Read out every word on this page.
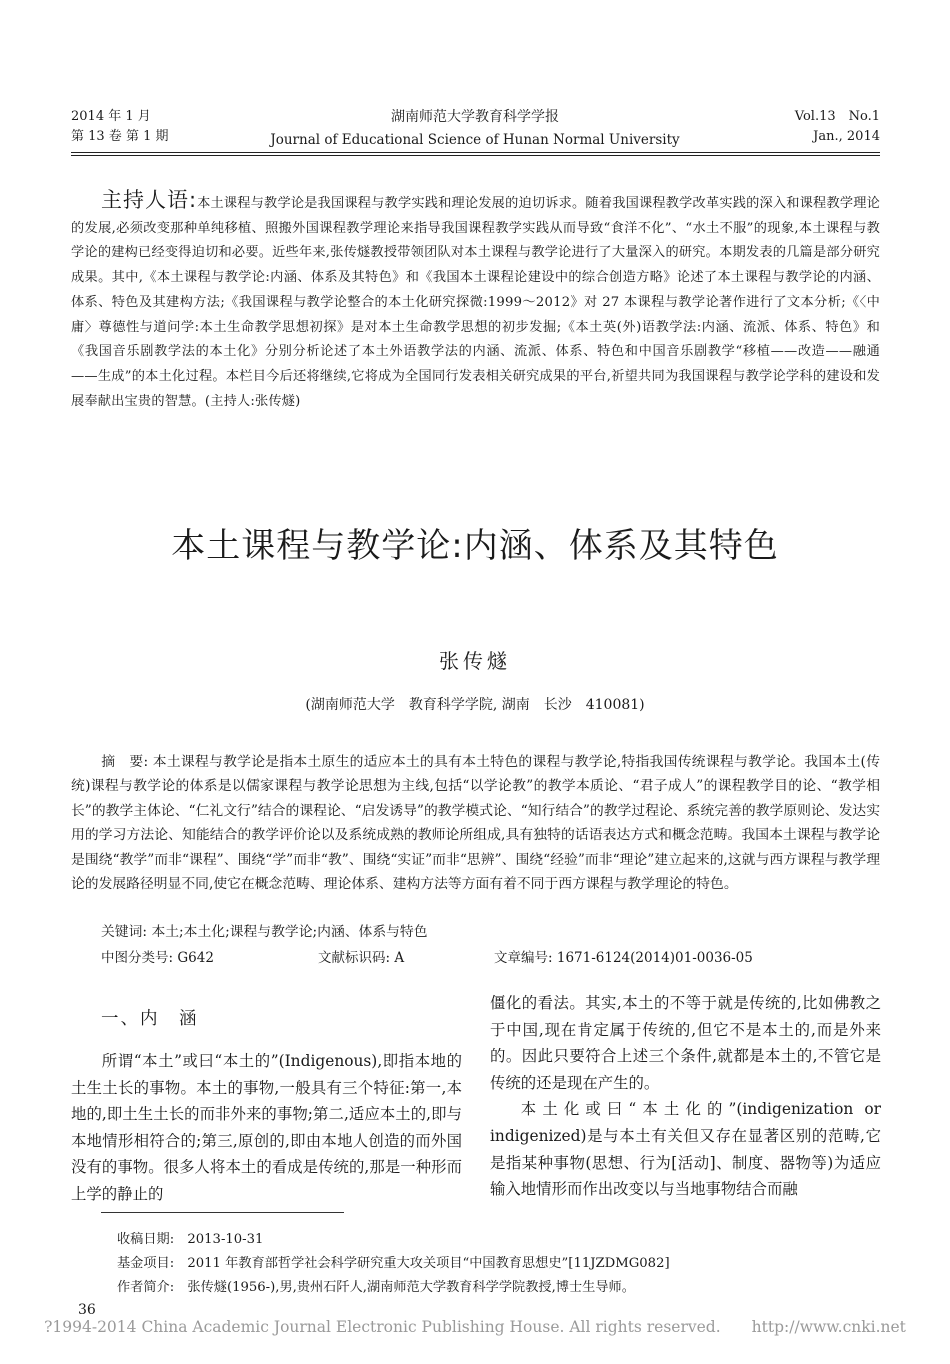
2014 年 1 月
第 13 卷 第 1 期
湖南师范大学教育科学学报
Journal of Educational Science of Hunan Normal University
Vol.13　No.1
Jan., 2014
主持人语:本土课程与教学论是我国课程与教学实践和理论发展的迫切诉求。随着我国课程教学改革实践的深入和课程教学理论的发展,必须改变那种单纯移植、照搬外国课程教学理论来指导我国课程教学实践从而导致“食洋不化”、“水土不服”的现象,本土课程与教学论的建构已经变得迫切和必要。近些年来,张传燧教授带领团队对本土课程与教学论进行了大量深入的研究。本期发表的几篇是部分研究成果。其中,《本土课程与教学论:内涵、体系及其特色》和《我国本土课程论建设中的综合创造方略》论述了本土课程与教学论的内涵、体系、特色及其建构方法;《我国课程与教学论整合的本土化研究探微:1999～2012》对 27 本课程与教学论著作进行了文本分析;《〈中庸〉尊德性与道问学:本土生命教学思想初探》是对本土生命教学思想的初步发掘;《本土英(外)语教学法:内涵、流派、体系、特色》和《我国音乐剧教学法的本土化》分别分析论述了本土外语教学法的内涵、流派、体系、特色和中国音乐剧教学“移植——改造——融通——生成”的本土化过程。本栏目今后还将继续,它将成为全国同行发表相关研究成果的平台,祈望共同为我国课程与教学论学科的建设和发展奉献出宝贵的智慧。(主持人:张传燧)
本土课程与教学论:内涵、体系及其特色
张传燧
(湖南师范大学　教育科学学院, 湖南　长沙　410081)
摘　要: 本土课程与教学论是指本土原生的适应本土的具有本土特色的课程与教学论,特指我国传统课程与教学论。我国本土(传统)课程与教学论的体系是以儒家课程与教学论思想为主线,包括“以学论教”的教学本质论、“君子成人”的课程教学目的论、“教学相长”的教学主体论、“仁礼文行”结合的课程论、“启发诱导”的教学模式论、“知行结合”的教学过程论、系统完善的教学原则论、发达实用的学习方法论、知能结合的教学评价论以及系统成熟的教师论所组成,具有独特的话语表达方式和概念范畴。我国本土课程与教学论是围绕“教学”而非“课程”、围绕“学”而非“教”、围绕“实证”而非“思辨”、围绕“经验”而非“理论”建立起来的,这就与西方课程与教学理论的发展路径明显不同,使它在概念范畴、理论体系、建构方法等方面有着不同于西方课程与教学理论的特色。
关键词: 本土;本土化;课程与教学论;内涵、体系与特色
中图分类号: G642	文献标识码: A	文章编号: 1671-6124(2014)01-0036-05
一、内　涵

所谓“本土”或曰“本土的”(Indigenous),即指本地的土生土长的事物。本土的事物,一般具有三个特征:第一,本地的,即土生土长的而非外来的事物;第二,适应本土的,即与本地情形相符合的;第三,原创的,即由本地人创造的而外国没有的事物。很多人将本土的看成是传统的,那是一种形而上学的静止的

僵化的看法。其实,本土的不等于就是传统的,比如佛教之于中国,现在肯定属于传统的,但它不是本土的,而是外来的。因此只要符合上述三个条件,就都是本土的,不管它是传统的还是现在产生的。

本土化或曰“本土化的”(indigenization or indigenized)是与本土有关但又存在显著区别的范畴,它是指某种事物(思想、行为[活动]、制度、器物等)为适应输入地情形而作出改变以与当地事物结合而融

收稿日期:　2013-10-31
基金项目:　2011 年教育部哲学社会科学研究重大攻关项目“中国教育思想史”[11JZDMG082]
作者简介:　张传燧(1956-),男,贵州石阡人,湖南师范大学教育科学学院教授,博士生导师。
36
?1994-2014 China Academic Journal Electronic Publishing House. All rights reserved.　　http://www.cnki.net
